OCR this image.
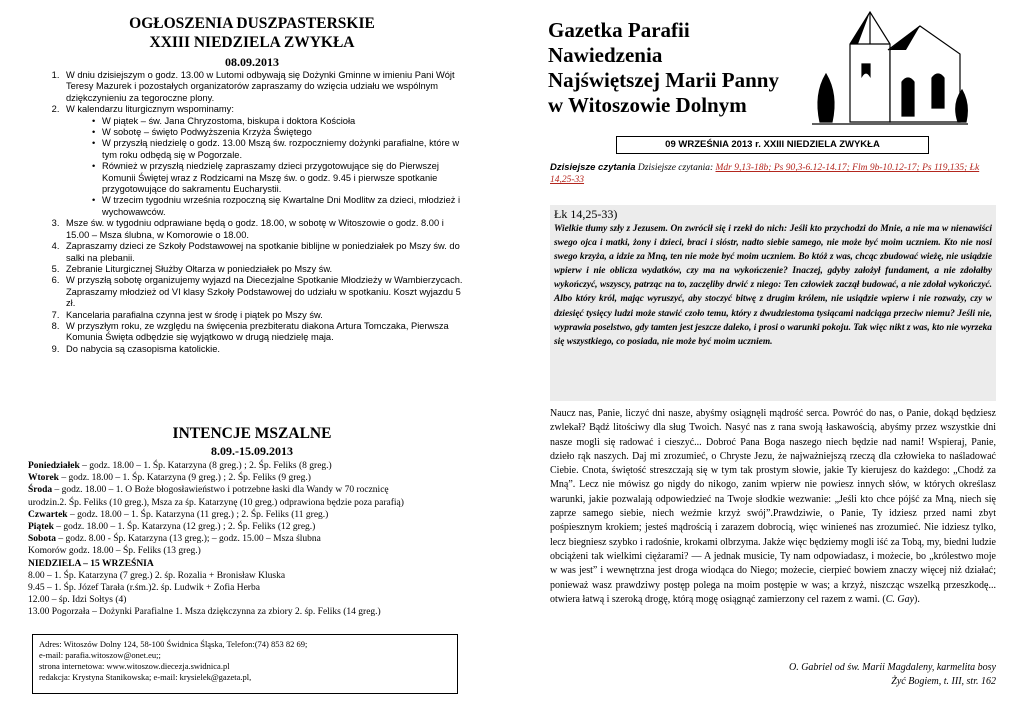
OGŁOSZENIA DUSZPASTERSKIE
XXIII NIEDZIELA ZWYKŁA
08.09.2013
1. W dniu dzisiejszym o godz. 13.00 w Lutomi odbywają się Dożynki Gminne w imieniu Pani Wójt Teresy Mazurek i pozostałych organizatorów zapraszamy do wzięcia udziału we wspólnym dziękczynieniu za tegoroczne plony.
2. W kalendarzu liturgicznym wspominamy:
• W piątek – św. Jana Chryzostoma, biskupa i doktora Kościoła
• W sobotę – święto Podwyższenia Krzyża Świętego
• W przyszłą niedzielę o godz. 13.00 Mszą św. rozpoczniemy dożynki parafialne, które w tym roku odbędą się w Pogorzale.
• Również w przyszłą niedzielę zapraszamy dzieci przygotowujące się do Pierwszej Komunii Świętej wraz z Rodzicami na Mszę św. o godz. 9.45 i pierwsze spotkanie przygotowujące do sakramentu Eucharystii.
• W trzecim tygodniu września rozpoczną się Kwartalne Dni Modlitw za dzieci, młodzież i wychowawców.
3. Msze św. w tygodniu odprawiane będą o godz. 18.00, w sobotę w Witoszowie o godz. 8.00 i 15.00 – Msza ślubna, w Komorowie o 18.00.
4. Zapraszamy dzieci ze Szkoły Podstawowej na spotkanie biblijne w poniedziałek po Mszy św. do salki na plebanii.
5. Zebranie Liturgicznej Służby Ołtarza w poniedziałek po Mszy św.
6. W przyszłą sobotę organizujemy wyjazd na Diecezjalne Spotkanie Młodzieży w Wambierzycach. Zapraszamy młodzież od VI klasy Szkoły Podstawowej do udziału w spotkaniu. Koszt wyjazdu 5 zł.
7. Kancelaria parafialna czynna jest w środę i piątek po Mszy św.
8. W przyszłym roku, ze względu na święcenia prezbiteratu diakona Artura Tomczaka, Pierwsza Komunia Święta odbędzie się wyjątkowo w drugą niedzielę maja.
9. Do nabycia są czasopisma katolickie.
INTENCJE MSZALNE
8.09.-15.09.2013
Poniedziałek – godz. 18.00 – 1. Śp. Katarzyna (8 greg.) ; 2. Śp. Feliks (8 greg.)
Wtorek – godz. 18.00 – 1. Śp. Katarzyna (9 greg.) ; 2. Śp. Feliks (9 greg.)
Środa – godz. 18.00 – 1. O Boże błogosławieństwo i potrzebne łaski dla Wandy w 70 rocznicę
urodzin.2. Śp. Feliks (10 greg.), Msza za śp. Katarzynę (10 greg.) odprawiona będzie poza parafią)
Czwartek – godz. 18.00 – 1. Śp. Katarzyna (11 greg.) ; 2. Śp. Feliks (11 greg.)
Piątek – godz. 18.00 – 1. Śp. Katarzyna (12 greg.) ; 2. Śp. Feliks (12 greg.)
Sobota – godz. 8.00 - Śp. Katarzyna (13 greg.); – godz. 15.00 – Msza ślubna
Komorów godz. 18.00 – Śp. Feliks (13 greg.)
NIEDZIELA – 15 WRZEŚNIA
8.00 – 1. Śp. Katarzyna (7 greg.) 2. śp. Rozalia + Bronisław Kluska
9.45 – 1. Śp. Józef Tarała (r.śm.)2. śp. Ludwik + Zofia Herba
12.00 – śp. Idzi Sołtys (4)
13.00 Pogorzała – Dożynki Parafialne 1. Msza dziękczynna za zbiory 2. śp. Feliks (14 greg.)
Adres: Witoszów Dolny 124, 58-100 Świdnica Śląska, Telefon:(74) 853 82 69;
e-mail: parafia.witoszow@onet.eu;;
strona internetowa: www.witoszow.diecezja.swidnica.pl
redakcja: Krystyna Stanikowska; e-mail: krysielek@gazeta.pl,
Gazetka Parafii
Nawiedzenia
Najświętszej Marii Panny
w Witoszowie Dolnym
09 WRZEŚNIA 2013 r. XXIII NIEDZIELA ZWYKŁA
Dzisiejsze czytania Dzisiejsze czytania: Mdr 9,13-18b; Ps 90,3-6.12-14.17; Flm 9b-10.12-17; Ps 119,135; Łk 14,25-33
Łk 14,25-33)
Wielkie tłumy szły z Jezusem. On zwrócił się i rzekł do nich: Jeśli kto przychodzi do Mnie, a nie ma w nienawiści swego ojca i matki, żony i dzieci, braci i sióstr, nadto siebie samego, nie może być moim uczniem. Kto nie nosi swego krzyża, a idzie za Mną, ten nie może być moim uczniem. Bo któż z was, chcąc zbudować wieżę, nie usiądzie wpierw i nie oblicza wydatków, czy ma na wykończenie? Inaczej, gdyby założył fundament, a nie zdołałby wykończyć, wszyscy, patrząc na to, zaczęliby drwić z niego: Ten człowiek zaczął budować, a nie zdołał wykończyć. Albo który król, mając wyruszyć, aby stoczyć bitwę z drugim królem, nie usiądzie wpierw i nie rozważy, czy w dziesięć tysięcy ludzi może stawić czoło temu, który z dwudziestoma tysiącami nadciąga przeciw niemu? Jeśli nie, wyprawia poselstwo, gdy tamten jest jeszcze daleko, i prosi o warunki pokoju. Tak więc nikt z was, kto nie wyrzeka się wszystkiego, co posiada, nie może być moim uczniem.
Naucz nas, Panie, liczyć dni nasze, abyśmy osiągnęli mądrość serca. Powróć do nas, o Panie, dokąd będziesz zwlekał? Bądź litościwy dla sług Twoich. Nasyć nas z rana swoją łaskawością, abyśmy przez wszystkie dni nasze mogli się radować i cieszyć... Dobroć Pana Boga naszego niech będzie nad nami! Wspieraj, Panie, dzieło rąk naszych. Daj mi zrozumieć, o Chryste Jezu, że najważniejszą rzeczą dla człowieka to naśladować Ciebie. Cnota, świętość streszczają się w tym tak prostym słowie, jakie Ty kierujesz do każdego: „Chodź za Mną”. Lecz nie mówisz go nigdy do nikogo, zanim wpierw nie powiesz innych słów, w których określasz warunki, jakie pozwalają odpowiedzieć na Twoje słodkie wezwanie: „Jeśli kto chce pójść za Mną, niech się zaprze samego siebie, niech weźmie krzyż swój”.Prawdziwie, o Panie, Ty idziesz przed nami zbyt pośpiesznym krokiem; jesteś mądrością i zarazem dobrocią, więc winieneś nas zrozumieć. Nie idziesz tylko, lecz biegniesz szybko i radośnie, krokami olbrzyma. Jakże więc będziemy mogli iść za Tobą, my, biedni ludzie obciążeni tak wielkimi ciężarami? — A jednak musicie, Ty nam odpowiadasz, i możecie, bo „królestwo moje w was jest” i wewnętrzna jest droga wiodąca do Niego; możecie, cierpieć bowiem znaczy więcej niż działać; ponieważ wasz prawdziwy postęp polega na moim postępie w was; a krzyż, niszcząc wszelką przeszkodę... otwiera łatwą i szeroką drogę, którą mogę osiągnąć zamierzony cel razem z wami. (C. Gay).
O. Gabriel od św. Marii Magdaleny, karmelita bosy
Żyć Bogiem, t. III, str. 162
